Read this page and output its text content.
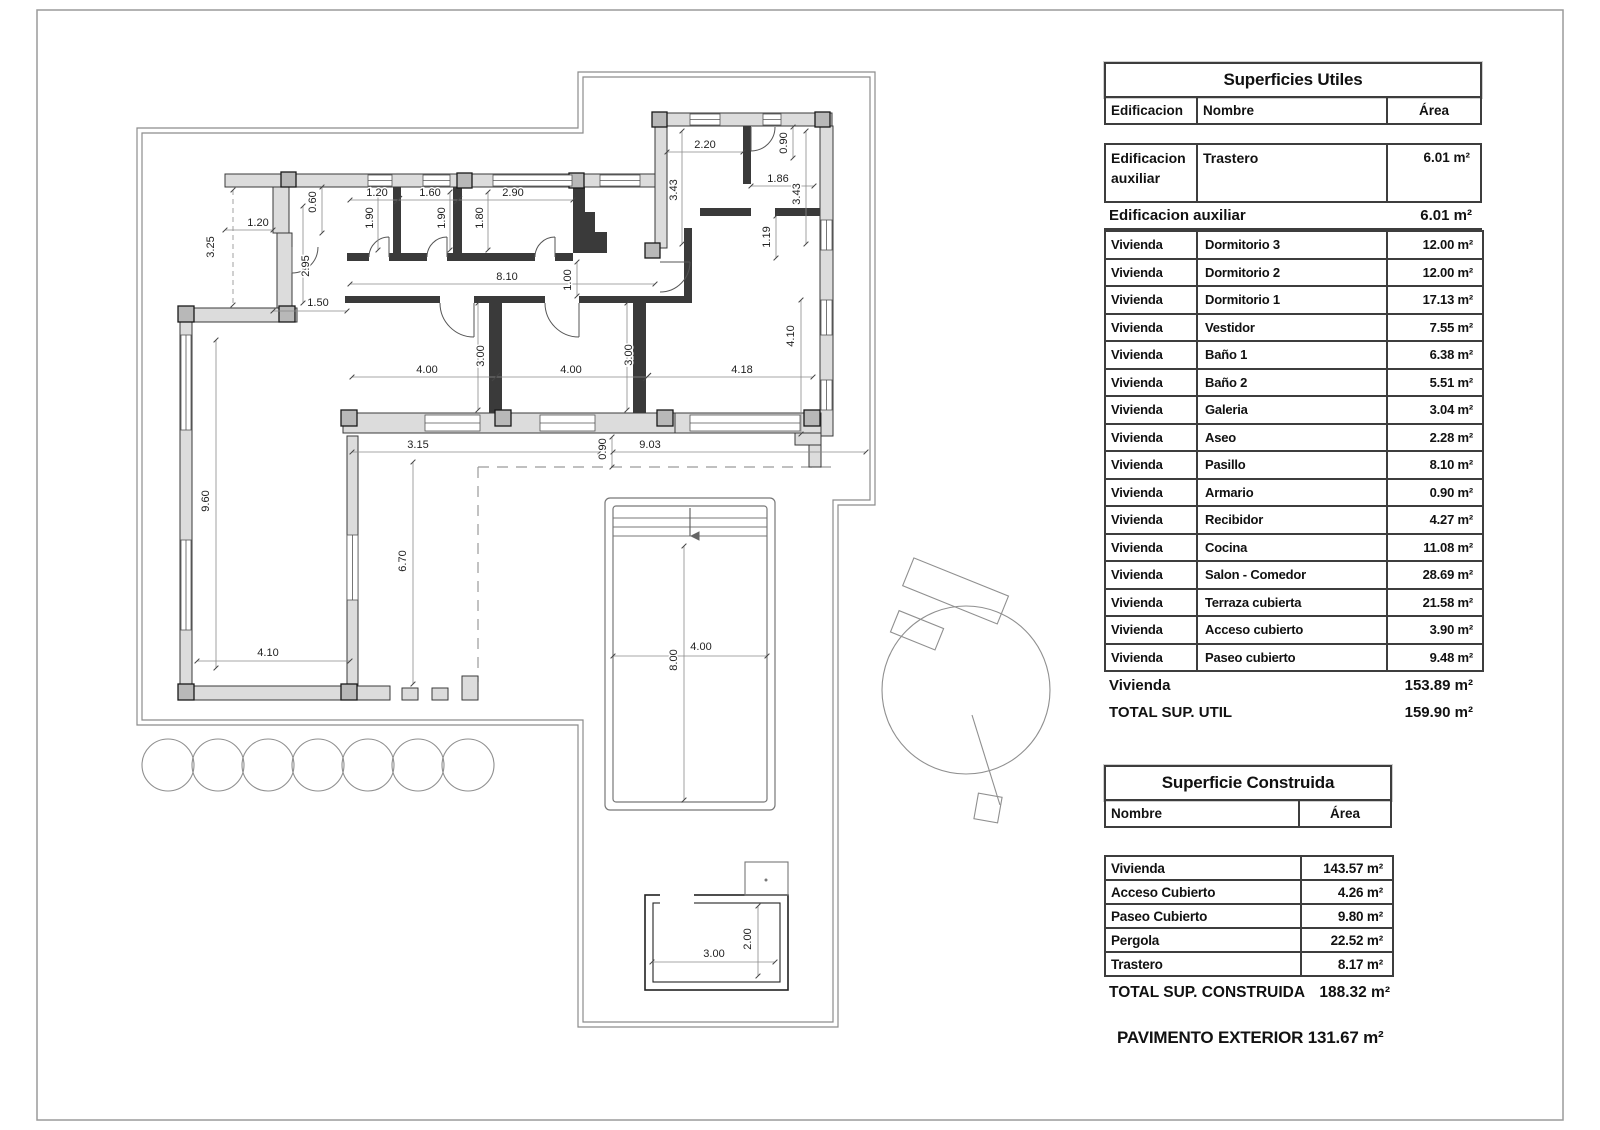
1.20
3.25
2.95
1.50
0.60	1.20
1.90
1.60
1.90 1.80
2.90
2.20	0.90
3.43
1.86
3.43
1.19
8.10	1.00
4.00
3.00
4.00
3.00
4.18
4.10
3.15	0.90	9.03
9.60
6.70
4.10	4.00
8.00
3.00
2.00
Superficies Utiles
Edificacion	Nombre	Área
Edificacion auxiliar
Trastero	6.01 m²
Edificacion auxiliar	6.01 m²
Vivienda	Dormitorio 3	12.00 m²
Vivienda	Dormitorio 2	12.00 m²
Vivienda	Dormitorio 1	17.13 m²
Vivienda	Vestidor	7.55 m²
Vivienda	Baño 1	6.38 m²
Vivienda	Baño 2	5.51 m²
Vivienda	Galeria	3.04 m²
Vivienda	Aseo	2.28 m²
Vivienda	Pasillo	8.10 m²
Vivienda	Armario	0.90 m²
Vivienda	Recibidor	4.27 m²
Vivienda	Cocina	11.08 m²
Vivienda	Salon - Comedor	28.69 m²
Vivienda	Terraza cubierta	21.58 m²
Vivienda	Acceso cubierto	3.90 m²
Vivienda	Paseo cubierto	9.48 m²
Vivienda	153.89 m²
TOTAL SUP. UTIL	159.90 m²
Superficie Construida
Nombre	Área
Vivienda	143.57 m²
Acceso Cubierto	4.26 m²
Paseo Cubierto	9.80 m²
Pergola	22.52 m²
Trastero	8.17 m²
TOTAL SUP. CONSTRUIDA 188.32 m²
PAVIMENTO EXTERIOR 131.67 m²
